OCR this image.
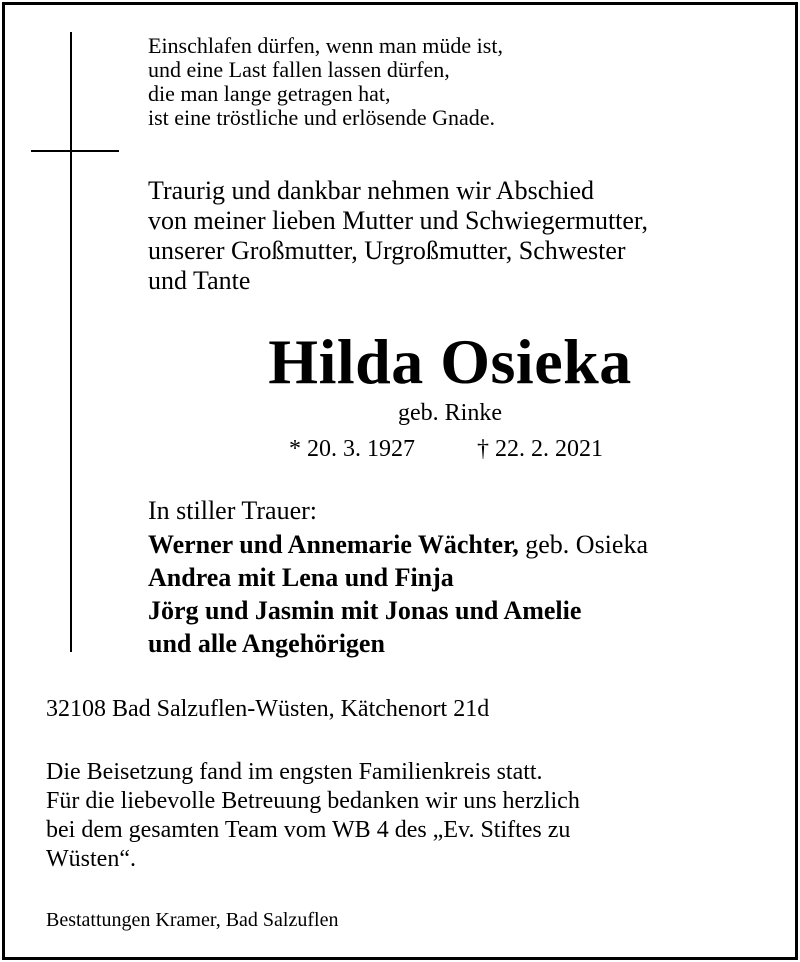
Einschlafen dürfen, wenn man müde ist,
und eine Last fallen lassen dürfen,
die man lange getragen hat,
ist eine tröstliche und erlösende Gnade.
Traurig und dankbar nehmen wir Abschied
von meiner lieben Mutter und Schwiegermutter,
unserer Großmutter, Urgroßmutter, Schwester
und Tante
Hilda Osieka
geb. Rinke
* 20. 3. 1927	† 22. 2. 2021
In stiller Trauer:
Werner und Annemarie Wächter, geb. Osieka
Andrea mit Lena und Finja
Jörg und Jasmin mit Jonas und Amelie
und alle Angehörigen
32108 Bad Salzuflen-Wüsten, Kätchenort 21d
Die Beisetzung fand im engsten Familienkreis statt.
Für die liebevolle Betreuung bedanken wir uns herzlich
bei dem gesamten Team vom WB 4 des „Ev. Stiftes zu
Wüsten“.
Bestattungen Kramer, Bad Salzuflen
